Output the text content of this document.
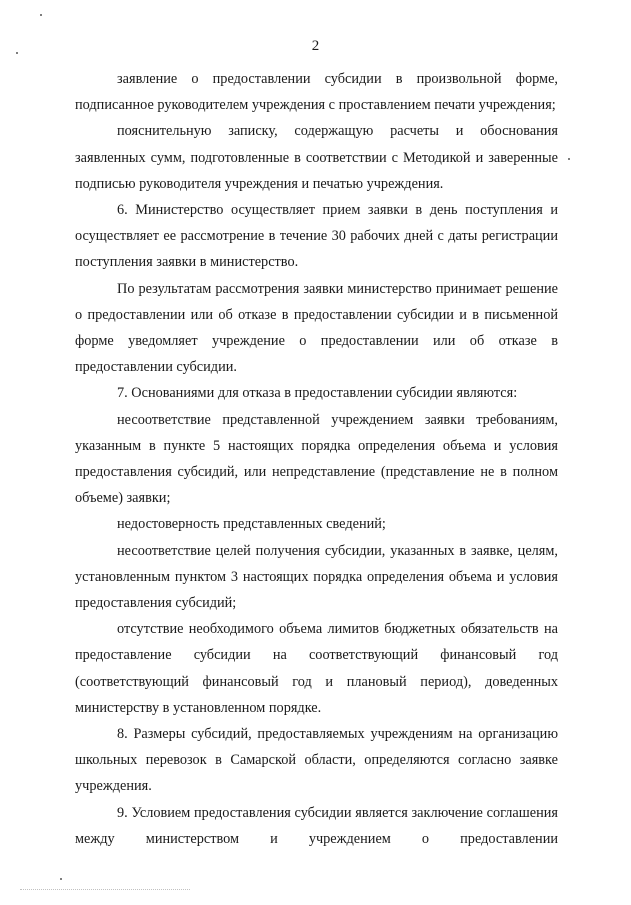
2

заявление о предоставлении субсидии в произвольной форме, подписанное руководителем учреждения с проставлением печати учреждения;

пояснительную записку, содержащую расчеты и обоснования заявленных сумм, подготовленные в соответствии с Методикой и заверенные подписью руководителя учреждения и печатью учреждения.

6. Министерство осуществляет прием заявки в день поступления и осуществляет ее рассмотрение в течение 30 рабочих дней с даты регистрации поступления заявки в министерство.

По результатам рассмотрения заявки министерство принимает решение о предоставлении или об отказе в предоставлении субсидии и в письменной форме уведомляет учреждение о предоставлении или об отказе в предоставлении субсидии.

7. Основаниями для отказа в предоставлении субсидии являются:

несоответствие представленной учреждением заявки требованиям, указанным в пункте 5 настоящих порядка определения объема и условия предоставления субсидий, или непредставление (представление не в полном объеме) заявки;

недостоверность представленных сведений;

несоответствие целей получения субсидии, указанных в заявке, целям, установленным пунктом 3 настоящих порядка определения объема и условия предоставления субсидий;

отсутствие необходимого объема лимитов бюджетных обязательств на предоставление субсидии на соответствующий финансовый год (соответствующий финансовый год и плановый период), доведенных министерству в установленном порядке.

8. Размеры субсидий, предоставляемых учреждениям на организацию школьных перевозок в Самарской области, определяются согласно заявке учреждения.

9. Условием предоставления субсидии является заключение соглашения между министерством и учреждением о предоставлении
